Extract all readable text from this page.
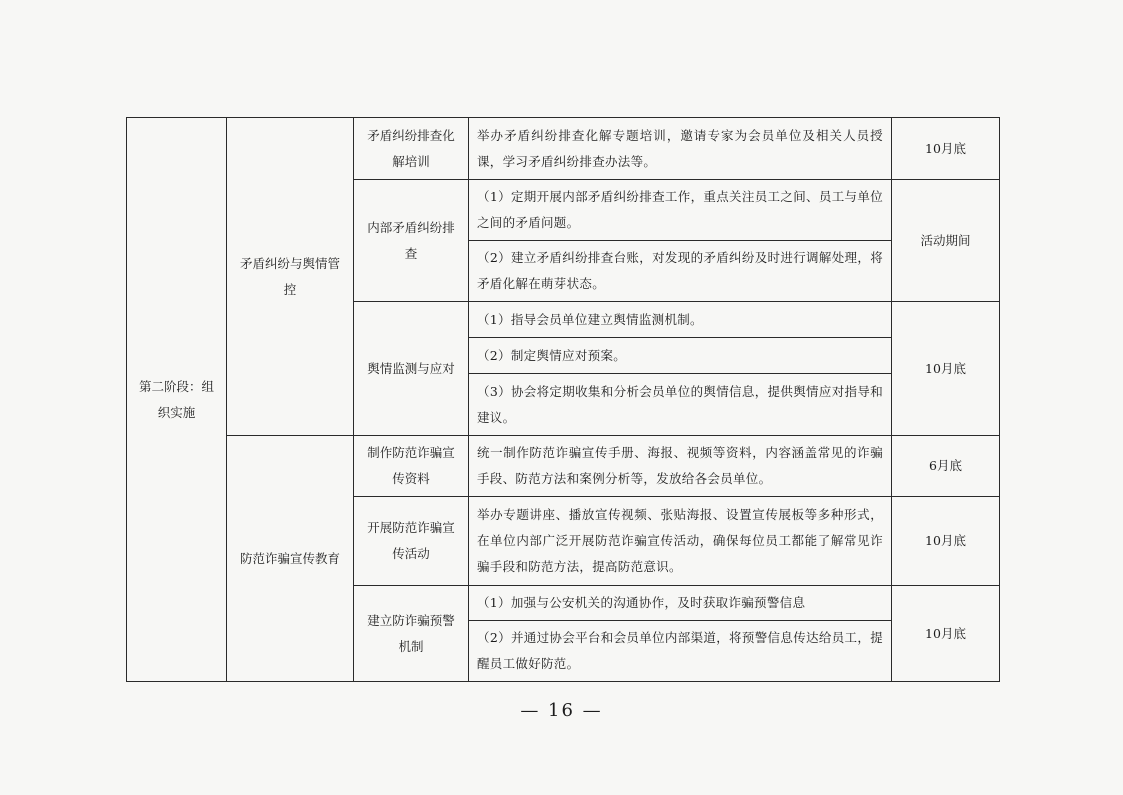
第二阶段：组织实施	矛盾纠纷与舆情管控	矛盾纠纷排查化解培训	举办矛盾纠纷排查化解专题培训，邀请专家为会员单位及相关人员授课，学习矛盾纠纷排查办法等。	10月底
		内部矛盾纠纷排查	（1）定期开展内部矛盾纠纷排查工作，重点关注员工之间、员工与单位之间的矛盾问题。	活动期间
			（2）建立矛盾纠纷排查台账，对发现的矛盾纠纷及时进行调解处理，将矛盾化解在萌芽状态。	
		舆情监测与应对	（1）指导会员单位建立舆情监测机制。	10月底
			（2）制定舆情应对预案。	
			（3）协会将定期收集和分析会员单位的舆情信息，提供舆情应对指导和建议。	
	防范诈骗宣传教育	制作防范诈骗宣传资料	统一制作防范诈骗宣传手册、海报、视频等资料，内容涵盖常见的诈骗手段、防范方法和案例分析等，发放给各会员单位。	6月底
		开展防范诈骗宣传活动	举办专题讲座、播放宣传视频、张贴海报、设置宣传展板等多种形式，在单位内部广泛开展防范诈骗宣传活动，确保每位员工都能了解常见诈骗手段和防范方法，提高防范意识。	10月底
		建立防诈骗预警机制	（1）加强与公安机关的沟通协作，及时获取诈骗预警信息	10月底
			（2）并通过协会平台和会员单位内部渠道，将预警信息传达给员工，提醒员工做好防范。	
— 16 —
